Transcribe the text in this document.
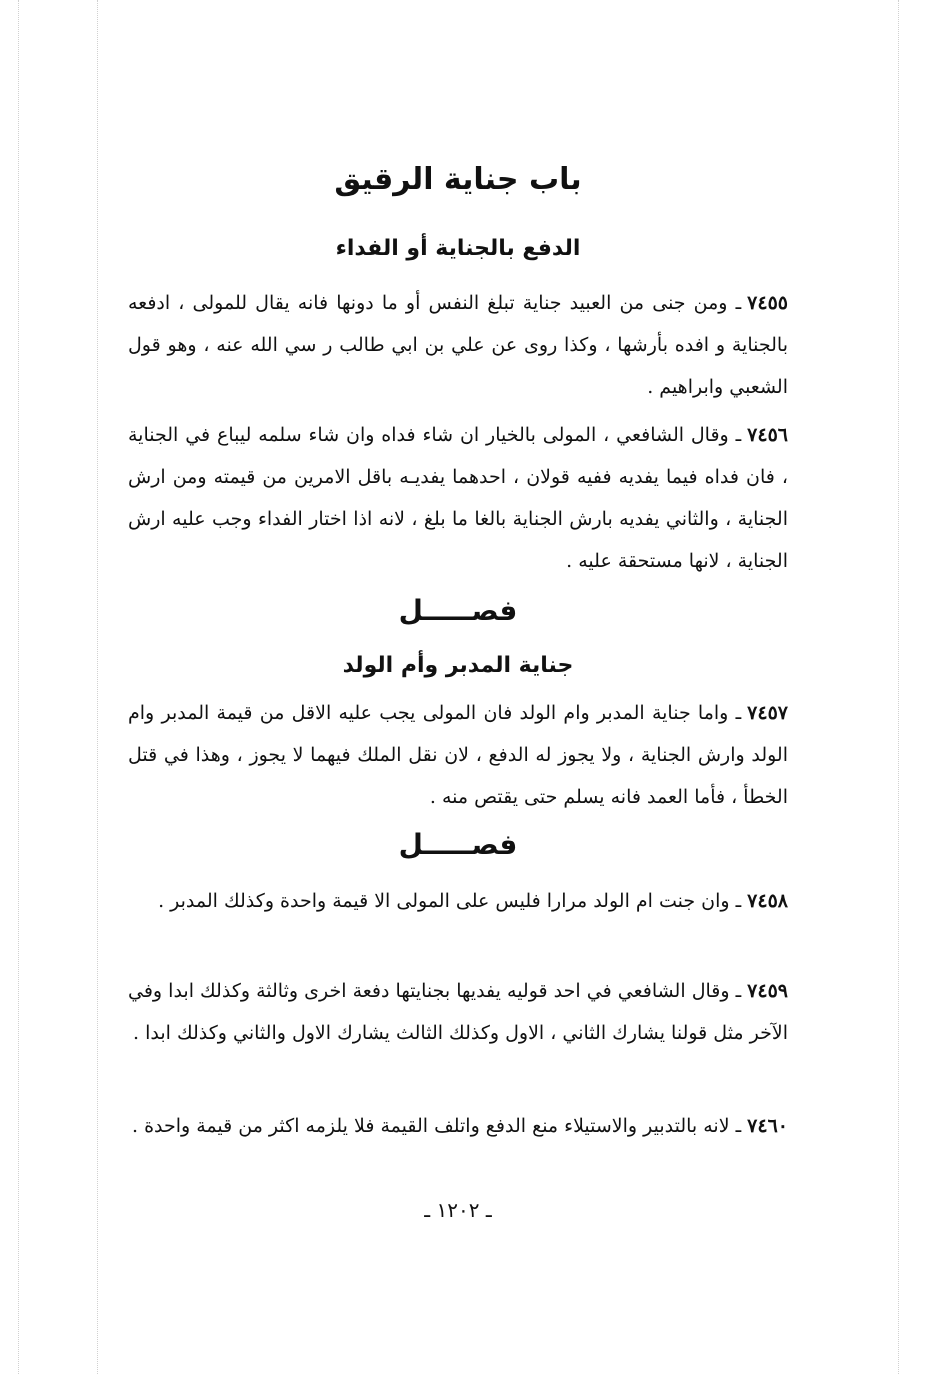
باب جناية الرقيق
الدفع بالجناية أو الفداء
٧٤٥٥ـ ومن جنى من العبيد جناية تبلغ النفس أو ما دونها فانه يقال للمولى ، ادفعه بالجناية و افده بأرشها ، وكذا روى عن علي بن ابي طالب ر سي الله عنه ، وهو قول الشعبي وابراهيم .
٧٤٥٦ـ وقال الشافعي ، المولى بالخيار ان شاء فداه وان شاء سلمه ليباع في الجناية ، فان فداه فيما يفديه ففيه قولان ، احدهما يفديـه باقل الامرين من قيمته ومن ارش الجناية ، والثاني يفديه بارش الجناية بالغا ما بلغ ، لانه اذا اختار الفداء وجب عليه ارش الجناية ، لانها مستحقة عليه .
فصـــــل
جناية المدبر وأم الولد
٧٤٥٧ـ واما جناية المدبر وام الولد فان المولى يجب عليه الاقل من قيمة المدبر وام الولد وارش الجناية ، ولا يجوز له الدفع ، لان نقل الملك فيهما لا يجوز ، وهذا في قتل الخطأ ، فأما العمد فانه يسلم حتى يقتص منه .
فصـــــل
٧٤٥٨ـ وان جنت ام الولد مرارا فليس على المولى الا قيمة واحدة وكذلك المدبر .
٧٤٥٩ـ وقال الشافعي في احد قوليه يفديها بجنايتها دفعة اخرى وثالثة وكذلك ابدا وفي الآخر مثل قولنا يشارك الثاني ، الاول وكذلك الثالث يشارك الاول والثاني وكذلك ابدا .
٧٤٦٠ـ لانه بالتدبير والاستيلاء منع الدفع واتلف القيمة فلا يلزمه اكثر من قيمة واحدة .
ـ ١٢٠٢ ـ
